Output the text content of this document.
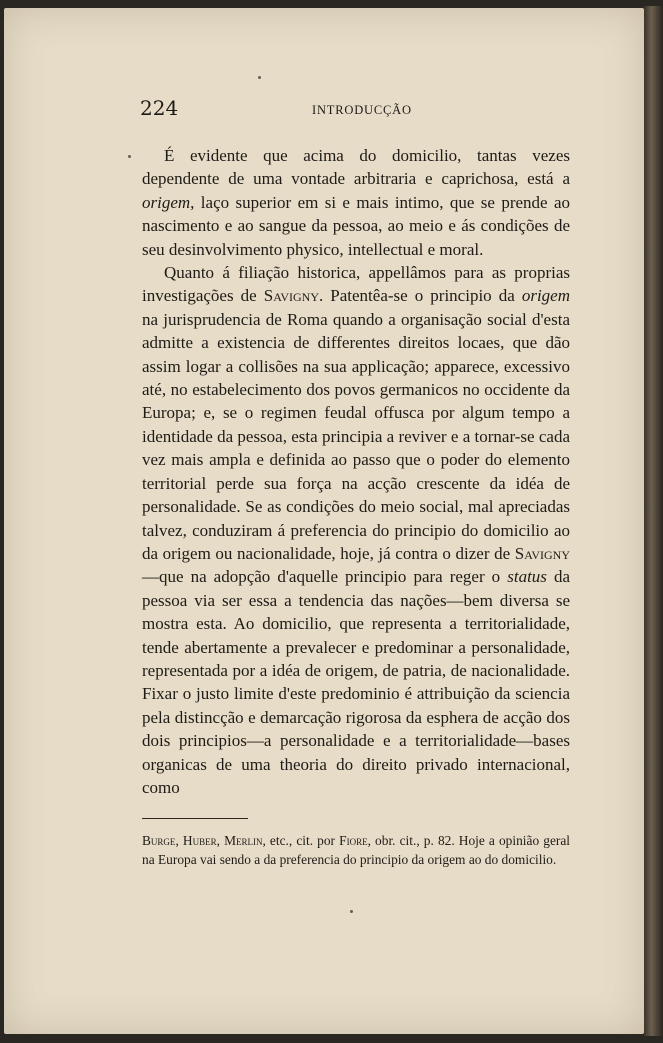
224	INTRODUCÇÃO

É evidente que acima do domicilio, tantas vezes dependente de uma vontade arbitraria e caprichosa, está a origem, laço superior em si e mais intimo, que se prende ao nascimento e ao sangue da pessoa, ao meio e ás condições de seu desinvolvimento physico, intellectual e moral.

Quanto á filiação historica, appellâmos para as proprias investigações de Savigny. Patentêa-se o principio da origem na jurisprudencia de Roma quando a organisação social d'esta admitte a existencia de differentes direitos locaes, que dão assim logar a collisões na sua applicação; apparece, excessivo até, no estabelecimento dos povos germanicos no occidente da Europa; e, se o regimen feudal offusca por algum tempo a identidade da pessoa, esta principia a reviver e a tornar-se cada vez mais ampla e definida ao passo que o poder do elemento territorial perde sua força na acção crescente da idéa de personalidade. Se as condições do meio social, mal apreciadas talvez, conduziram á preferencia do principio do domicilio ao da origem ou nacionalidade, hoje, já contra o dizer de Savigny—que na adopção d'aquelle principio para reger o status da pessoa via ser essa a tendencia das nações—bem diversa se mostra esta. Ao domicilio, que representa a territorialidade, tende abertamente a prevalecer e predominar a personalidade, representada por a idéa de origem, de patria, de nacionalidade. Fixar o justo limite d'este predominio é attribuição da sciencia pela distincção e demarcação rigorosa da esphera de acção dos dois principios—a personalidade e a territorialidade—bases organicas de uma theoria do direito privado internacional, como

Burge, Huber, Merlin, etc., cit. por Fiore, obr. cit., p. 82. Hoje a opinião geral na Europa vai sendo a da preferencia do principio da origem ao do domicilio.
